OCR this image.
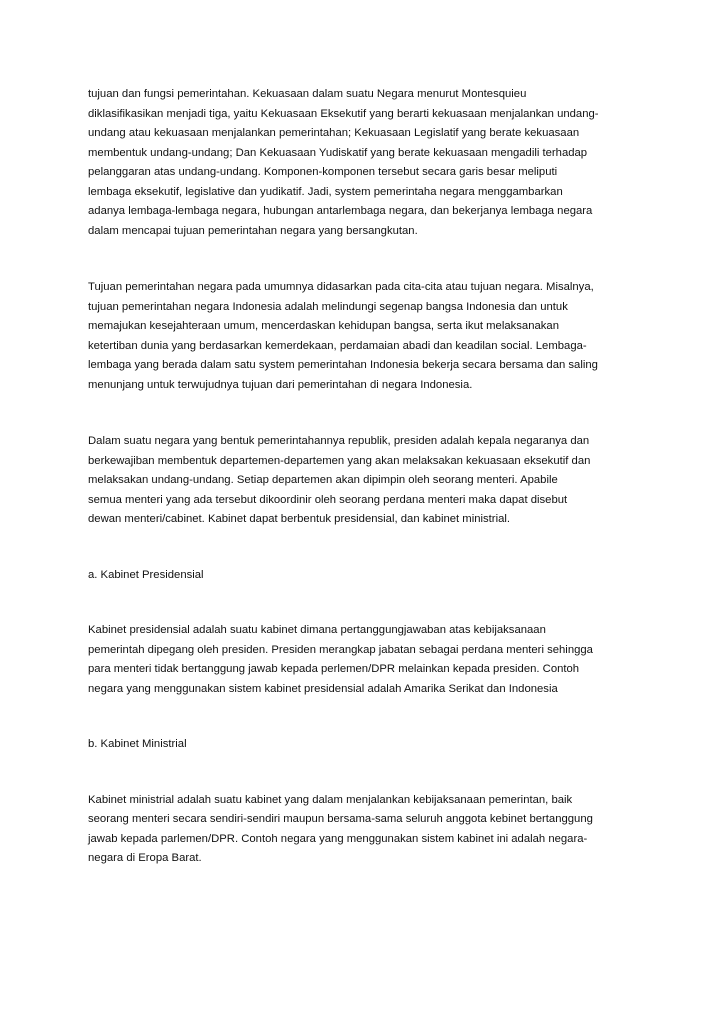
tujuan dan fungsi pemerintahan. Kekuasaan dalam suatu Negara menurut Montesquieu
diklasifikasikan menjadi tiga, yaitu Kekuasaan Eksekutif yang berarti kekuasaan menjalankan undang-
undang atau kekuasaan menjalankan pemerintahan; Kekuasaan Legislatif yang berate kekuasaan
membentuk undang-undang; Dan Kekuasaan Yudiskatif yang berate kekuasaan mengadili terhadap
pelanggaran atas undang-undang. Komponen-komponen tersebut secara garis besar meliputi
lembaga eksekutif, legislative dan yudikatif. Jadi, system pemerintaha negara menggambarkan
adanya lembaga-lembaga negara, hubungan antarlembaga negara, dan bekerjanya lembaga negara
dalam mencapai tujuan pemerintahan negara yang bersangkutan.

Tujuan pemerintahan negara pada umumnya didasarkan pada cita-cita atau tujuan negara. Misalnya,
tujuan pemerintahan negara Indonesia adalah melindungi segenap bangsa Indonesia dan untuk
memajukan kesejahteraan umum, mencerdaskan kehidupan bangsa, serta ikut melaksanakan
ketertiban dunia yang berdasarkan kemerdekaan, perdamaian abadi dan keadilan social. Lembaga-
lembaga yang berada dalam satu system pemerintahan Indonesia bekerja secara bersama dan saling
menunjang untuk terwujudnya tujuan dari pemerintahan di negara Indonesia.

Dalam suatu negara yang bentuk pemerintahannya republik, presiden adalah kepala negaranya dan
berkewajiban membentuk departemen-departemen yang akan melaksakan kekuasaan eksekutif dan
melaksakan undang-undang. Setiap departemen akan dipimpin oleh seorang menteri. Apabile
semua menteri yang ada tersebut dikoordinir oleh seorang perdana menteri maka dapat disebut
dewan menteri/cabinet. Kabinet dapat berbentuk presidensial, dan kabinet ministrial.

a. Kabinet Presidensial

Kabinet presidensial adalah suatu kabinet dimana pertanggungjawaban atas kebijaksanaan
pemerintah dipegang oleh presiden. Presiden merangkap jabatan sebagai perdana menteri sehingga
para menteri tidak bertanggung jawab kepada perlemen/DPR melainkan kepada presiden. Contoh
negara yang menggunakan sistem kabinet presidensial adalah Amarika Serikat dan Indonesia

b. Kabinet Ministrial

Kabinet ministrial adalah suatu kabinet yang dalam menjalankan kebijaksanaan pemerintan, baik
seorang menteri secara sendiri-sendiri maupun bersama-sama seluruh anggota kebinet bertanggung
jawab kepada parlemen/DPR. Contoh negara yang menggunakan sistem kabinet ini adalah negara-
negara di Eropa Barat.
